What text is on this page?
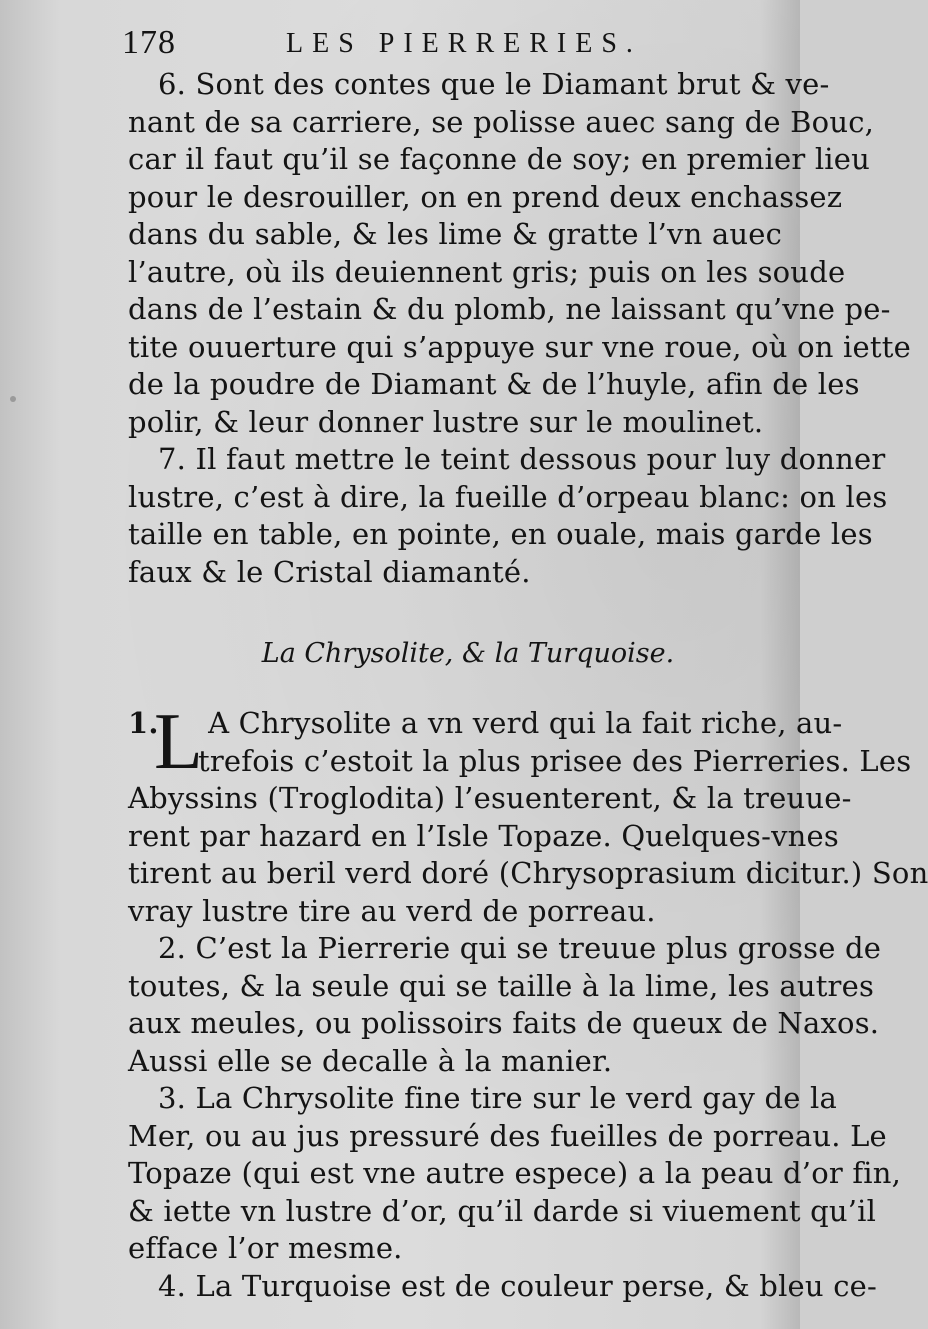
178	LES PIERRERIES.
6. Sont des contes que le Diamant brut & ve-
nant de sa carriere, se polisse auec sang de Bouc,
car il faut qu’il se façonne de soy; en premier lieu
pour le desrouiller, on en prend deux enchassez
dans du sable, & les lime & gratte l’vn auec
l’autre, où ils deuiennent gris; puis on les soude
dans de l’estain & du plomb, ne laissant qu’vne pe-
tite ouuerture qui s’appuye sur vne roue, où on iette
de la poudre de Diamant & de l’huyle, afin de les
polir, & leur donner lustre sur le moulinet.
7. Il faut mettre le teint dessous pour luy donner
lustre, c’est à dire, la fueille d’orpeau blanc: on les
taille en table, en pointe, en ouale, mais garde les
faux & le Cristal diamanté.
La Chrysolite, & la Turquoise.
L
1. A Chrysolite a vn verd qui la fait riche, au-
trefois c’estoit la plus prisee des Pierreries. Les
Abyssins (Troglodita) l’esuenterent, & la treuue-
rent par hazard en l’Isle Topaze. Quelques-vnes
tirent au beril verd doré (Chrysoprasium dicitur.) Son
vray lustre tire au verd de porreau.
2. C’est la Pierrerie qui se treuue plus grosse de
toutes, & la seule qui se taille à la lime, les autres
aux meules, ou polissoirs faits de queux de Naxos.
Aussi elle se decalle à la manier.
3. La Chrysolite fine tire sur le verd gay de la
Mer, ou au jus pressuré des fueilles de porreau. Le
Topaze (qui est vne autre espece) a la peau d’or fin,
& iette vn lustre d’or, qu’il darde si viuement qu’il
efface l’or mesme.
4. La Turquoise est de couleur perse, & bleu ce-
